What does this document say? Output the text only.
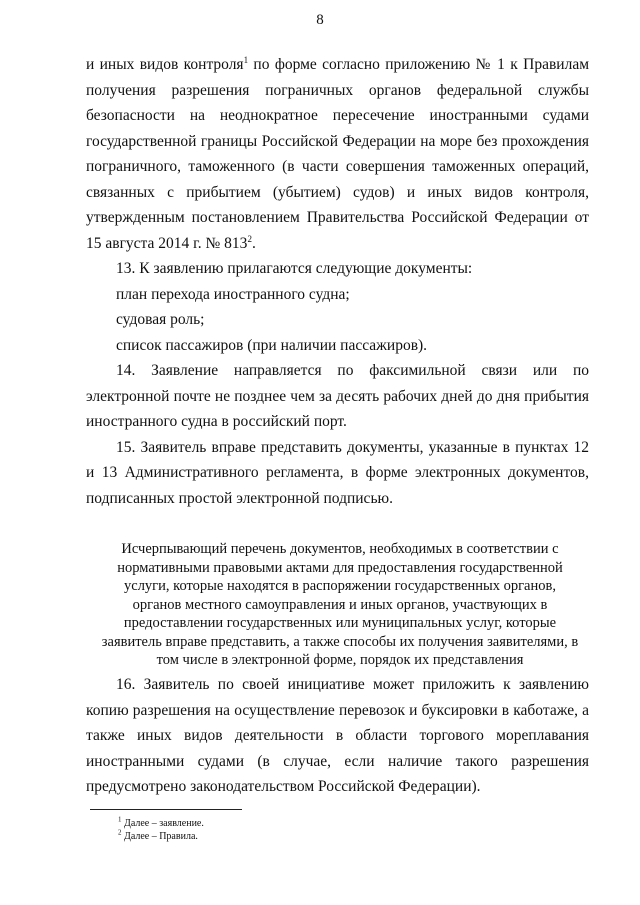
8

и иных видов контроля$^1$ по форме согласно приложению № 1 к Правилам получения разрешения пограничных органов федеральной службы безопасности на неоднократное пересечение иностранными судами государственной границы Российской Федерации на море без прохождения пограничного, таможенного (в части совершения таможенных операций, связанных с прибытием (убытием) судов) и иных видов контроля, утвержденным постановлением Правительства Российской Федерации от 15 августа 2014 г. № $813^2$.

13. К заявлению прилагаются следующие документы:

план перехода иностранного судна;

судовая роль;

список пассажиров (при наличии пассажиров).

14. Заявление направляется по факсимильной связи или по электронной почте не позднее чем за десять рабочих дней до дня прибытия иностранного судна в российский порт.

15. Заявитель вправе представить документы, указанные в пунктах 12 и 13 Административного регламента, в форме электронных документов, подписанных простой электронной подписью.

Исчерпывающий перечень документов, необходимых в соответствии с нормативными правовыми актами для предоставления государственной услуги, которые находятся в распоряжении государственных органов, органов местного самоуправления и иных органов, участвующих в предоставлении государственных или муниципальных услуг, которые заявитель вправе представить, а также способы их получения заявителями, в том числе в электронной форме, порядок их представления

16. Заявитель по своей инициативе может приложить к заявлению копию разрешения на осуществление перевозок и буксировки в каботаже, а также иных видов деятельности в области торгового мореплавания иностранными судами (в случае, если наличие такого разрешения предусмотрено законодательством Российской Федерации).

$^1$ Далее – заявление.
$^2$ Далее – Правила.
